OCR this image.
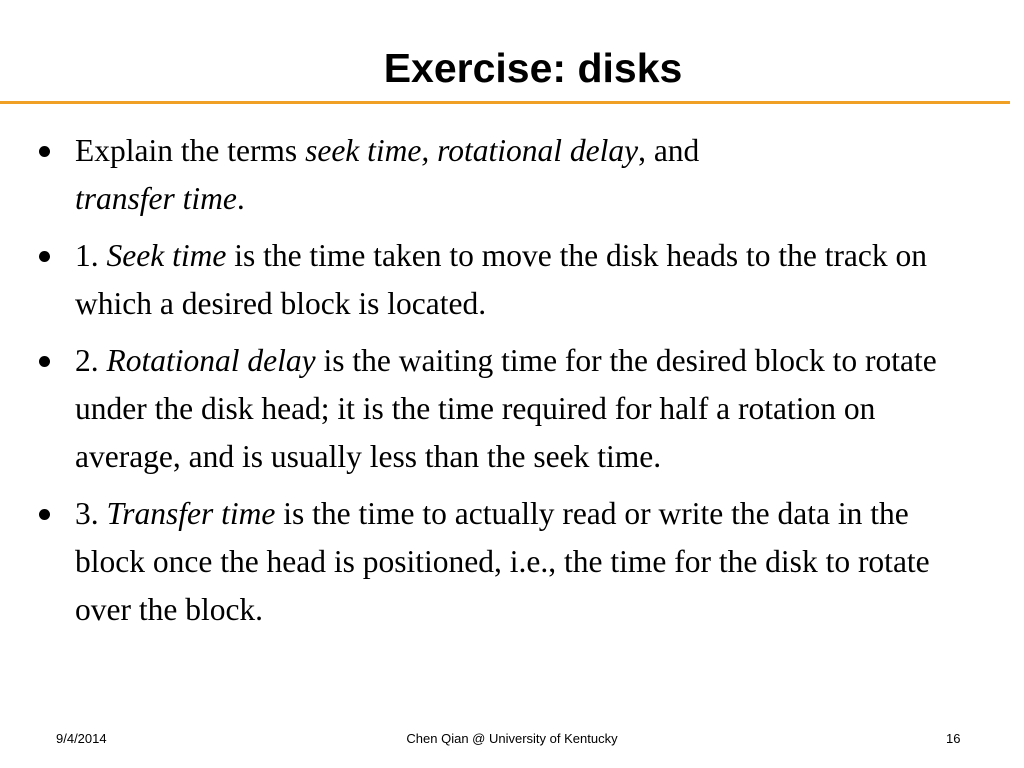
Exercise: disks
Explain the terms seek time, rotational delay, and
transfer time.
1. Seek time is the time taken to move the disk heads to the track on which a desired block is located.
2. Rotational delay is the waiting time for the desired block to rotate under the disk head; it is the time required for half a rotation on average, and is usually less than the seek time.
3. Transfer time is the time to actually read or write the data in the block once the head is positioned, i.e., the time for the disk to rotate over the block.
9/4/2014	Chen Qian @ University of Kentucky	16
